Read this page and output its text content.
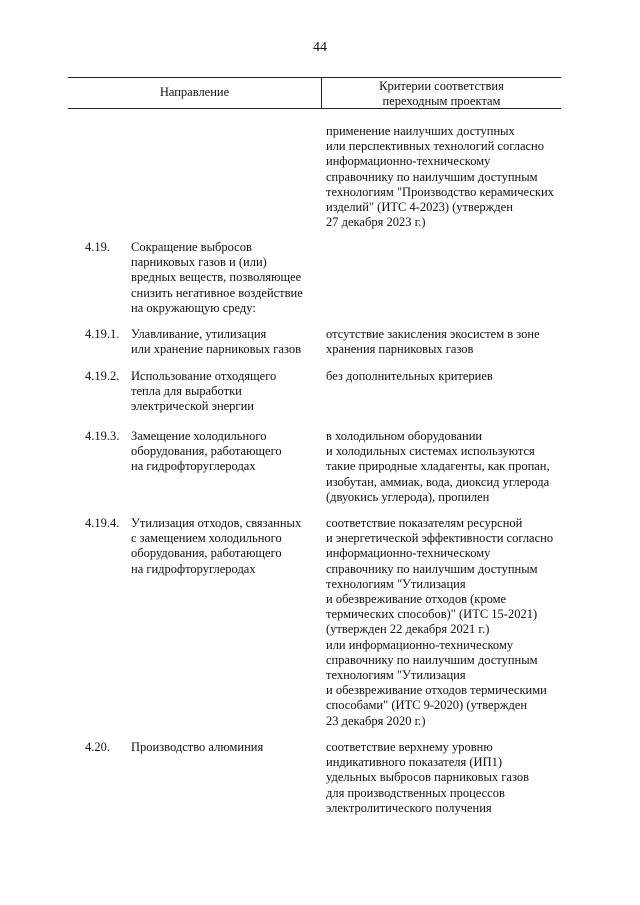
44
Направление	Критерии соответствия
переходным проектам
применение наилучших доступных
или перспективных технологий согласно
информационно-техническому
справочнику по наилучшим доступным
технологиям "Производство керамических
изделий" (ИТС 4-2023) (утвержден
27 декабря 2023 г.)
4.19. Сокращение выбросов
парниковых газов и (или)
вредных веществ, позволяющее
снизить негативное воздействие
на окружающую среду:
4.19.1. Улавливание, утилизация
или хранение парниковых газов
отсутствие закисления экосистем в зоне
хранения парниковых газов
4.19.2. Использование отходящего
тепла для выработки
электрической энергии
без дополнительных критериев
4.19.3. Замещение холодильного
оборудования, работающего
на гидрофторуглеродах
в холодильном оборудовании
и холодильных системах используются
такие природные хладагенты, как пропан,
изобутан, аммиак, вода, диоксид углерода
(двуокись углерода), пропилен
4.19.4. Утилизация отходов, связанных
с замещением холодильного
оборудования, работающего
на гидрофторуглеродах
соответствие показателям ресурсной
и энергетической эффективности согласно
информационно-техническому
справочнику по наилучшим доступным
технологиям "Утилизация
и обезвреживание отходов (кроме
термических способов)" (ИТС 15-2021)
(утвержден 22 декабря 2021 г.)
или информационно-техническому
справочнику по наилучшим доступным
технологиям "Утилизация
и обезвреживание отходов термическими
способами" (ИТС 9-2020) (утвержден
23 декабря 2020 г.)
4.20. Производство алюминия	соответствие верхнему уровню
индикативного показателя (ИП1)
удельных выбросов парниковых газов
для производственных процессов
электролитического получения
